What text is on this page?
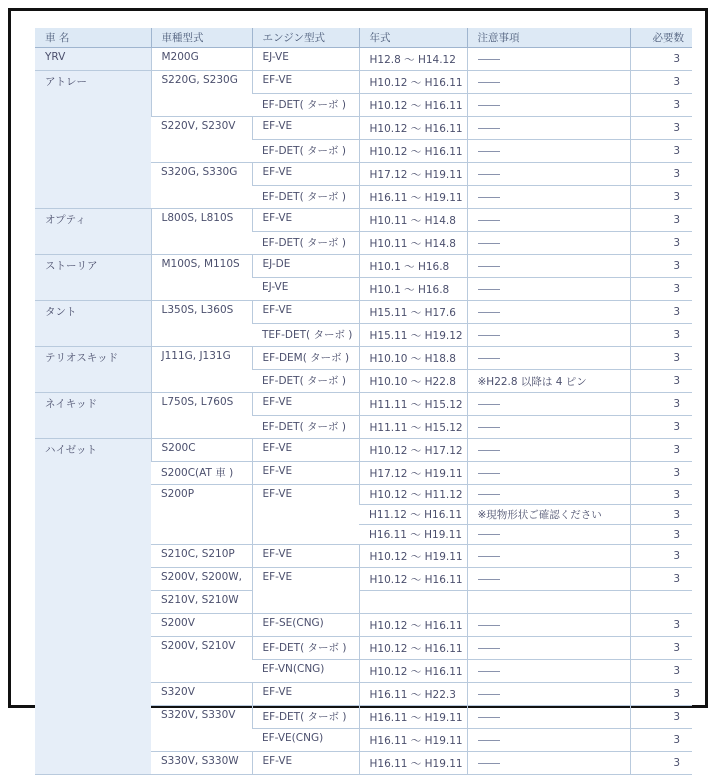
車 名	車種型式	エンジン型式	年式	注意事項	必要数
YRV	M200G	EJ-VE	H12.8 ～ H14.12		3
アトレー	S220G, S230G	EF-VE	H10.12 ～ H16.11		3
		EF-DET( ターボ )	H10.12 ～ H16.11		3
	S220V, S230V	EF-VE	H10.12 ～ H16.11		3
		EF-DET( ターボ )	H10.12 ～ H16.11		3
	S320G, S330G	EF-VE	H17.12 ～ H19.11		3
		EF-DET( ターボ )	H16.11 ～ H19.11		3
オプティ	L800S, L810S	EF-VE	H10.11 ～ H14.8		3
		EF-DET( ターボ )	H10.11 ～ H14.8		3
ストーリア	M100S, M110S	EJ-DE	H10.1 ～ H16.8		3
		EJ-VE	H10.1 ～ H16.8		3
タント	L350S, L360S	EF-VE	H15.11 ～ H17.6		3
		TEF-DET( ターボ )	H15.11 ～ H19.12		3
テリオスキッド	J111G, J131G	EF-DEM( ターボ )	H10.10 ～ H18.8		3
		EF-DET( ターボ )	H10.10 ～ H22.8	※H22.8 以降は 4 ピン	3
ネイキッド	L750S, L760S	EF-VE	H11.11 ～ H15.12		3
		EF-DET( ターボ )	H11.11 ～ H15.12		3
ハイゼット	S200C	EF-VE	H10.12 ～ H17.12		3
	S200C(AT 車 )	EF-VE	H17.12 ～ H19.11		3
	S200P	EF-VE	H10.12 ～ H11.12		3
			H11.12 ～ H16.11	※現物形状ご確認ください	3
			H16.11 ～ H19.11		3
	S210C, S210P	EF-VE	H10.12 ～ H19.11		3
	S200V, S200W,	EF-VE	H10.12 ～ H16.11		3
	S210V, S210W				
	S200V	EF-SE(CNG)	H10.12 ～ H16.11		3
	S200V, S210V	EF-DET( ターボ )	H10.12 ～ H16.11		3
		EF-VN(CNG)	H10.12 ～ H16.11		3
	S320V	EF-VE	H16.11 ～ H22.3		3
	S320V, S330V	EF-DET( ターボ )	H16.11 ～ H19.11		3
		EF-VE(CNG)	H16.11 ～ H19.11		3
	S330V, S330W	EF-VE	H16.11 ～ H19.11		3
